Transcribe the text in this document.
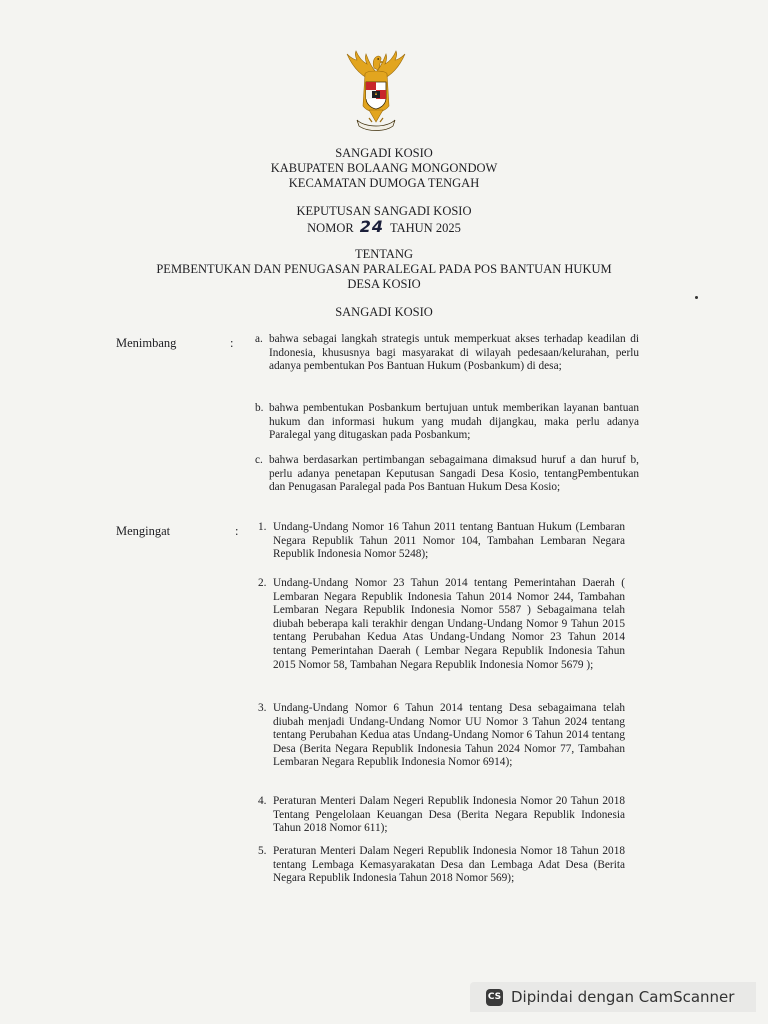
SANGADI KOSIO
KABUPATEN BOLAANG MONGONDOW
KECAMATAN DUMOGA TENGAH
KEPUTUSAN SANGADI KOSIO
NOMOR 24 TAHUN 2025
TENTANG
PEMBENTUKAN DAN PENUGASAN PARALEGAL PADA POS BANTUAN HUKUM
DESA KOSIO
SANGADI KOSIO
Menimbang	: a. bahwa sebagai langkah strategis untuk memperkuat akses terhadap keadilan di Indonesia, khususnya bagi masyarakat di wilayah pedesaan/kelurahan, perlu adanya pembentukan Pos Bantuan Hukum (Posbankum) di desa;

b. bahwa pembentukan Posbankum bertujuan untuk memberikan layanan bantuan hukum dan informasi hukum yang mudah dijangkau, maka perlu adanya Paralegal yang ditugaskan pada Posbankum;

c. bahwa berdasarkan pertimbangan sebagaimana dimaksud huruf a dan huruf b, perlu adanya penetapan Keputusan Sangadi Desa Kosio, tentangPembentukan dan Penugasan Paralegal pada Pos Bantuan Hukum Desa Kosio;

Mengingat	: 1. Undang-Undang Nomor 16 Tahun 2011 tentang Bantuan Hukum (Lembaran Negara Republik Tahun 2011 Nomor 104, Tambahan Lembaran Negara Republik Indonesia Nomor 5248);

2. Undang-Undang Nomor 23 Tahun 2014 tentang Pemerintahan Daerah ( Lembaran Negara Republik Indonesia Tahun 2014 Nomor 244, Tambahan Lembaran Negara Republik Indonesia Nomor 5587 ) Sebagaimana telah diubah beberapa kali terakhir dengan Undang-Undang Nomor 9 Tahun 2015 tentang Perubahan Kedua Atas Undang-Undang Nomor 23 Tahun 2014 tentang Pemerintahan Daerah ( Lembar Negara Republik Indonesia Tahun 2015 Nomor 58, Tambahan Negara Republik Indonesia Nomor 5679 );

3. Undang-Undang Nomor 6 Tahun 2014 tentang Desa sebagaimana telah diubah menjadi Undang-Undang Nomor UU Nomor 3 Tahun 2024 tentang tentang Perubahan Kedua atas Undang-Undang Nomor 6 Tahun 2014 tentang Desa (Berita Negara Republik Indonesia Tahun 2024 Nomor 77, Tambahan Lembaran Negara Republik Indonesia Nomor 6914);

4. Peraturan Menteri Dalam Negeri Republik Indonesia Nomor 20 Tahun 2018 Tentang Pengelolaan Keuangan Desa (Berita Negara Republik Indonesia Tahun 2018 Nomor 611);

5. Peraturan Menteri Dalam Negeri Republik Indonesia Nomor 18 Tahun 2018 tentang Lembaga Kemasyarakatan Desa dan Lembaga Adat Desa (Berita Negara Republik Indonesia Tahun 2018 Nomor 569);

CS Dipindai dengan CamScanner
